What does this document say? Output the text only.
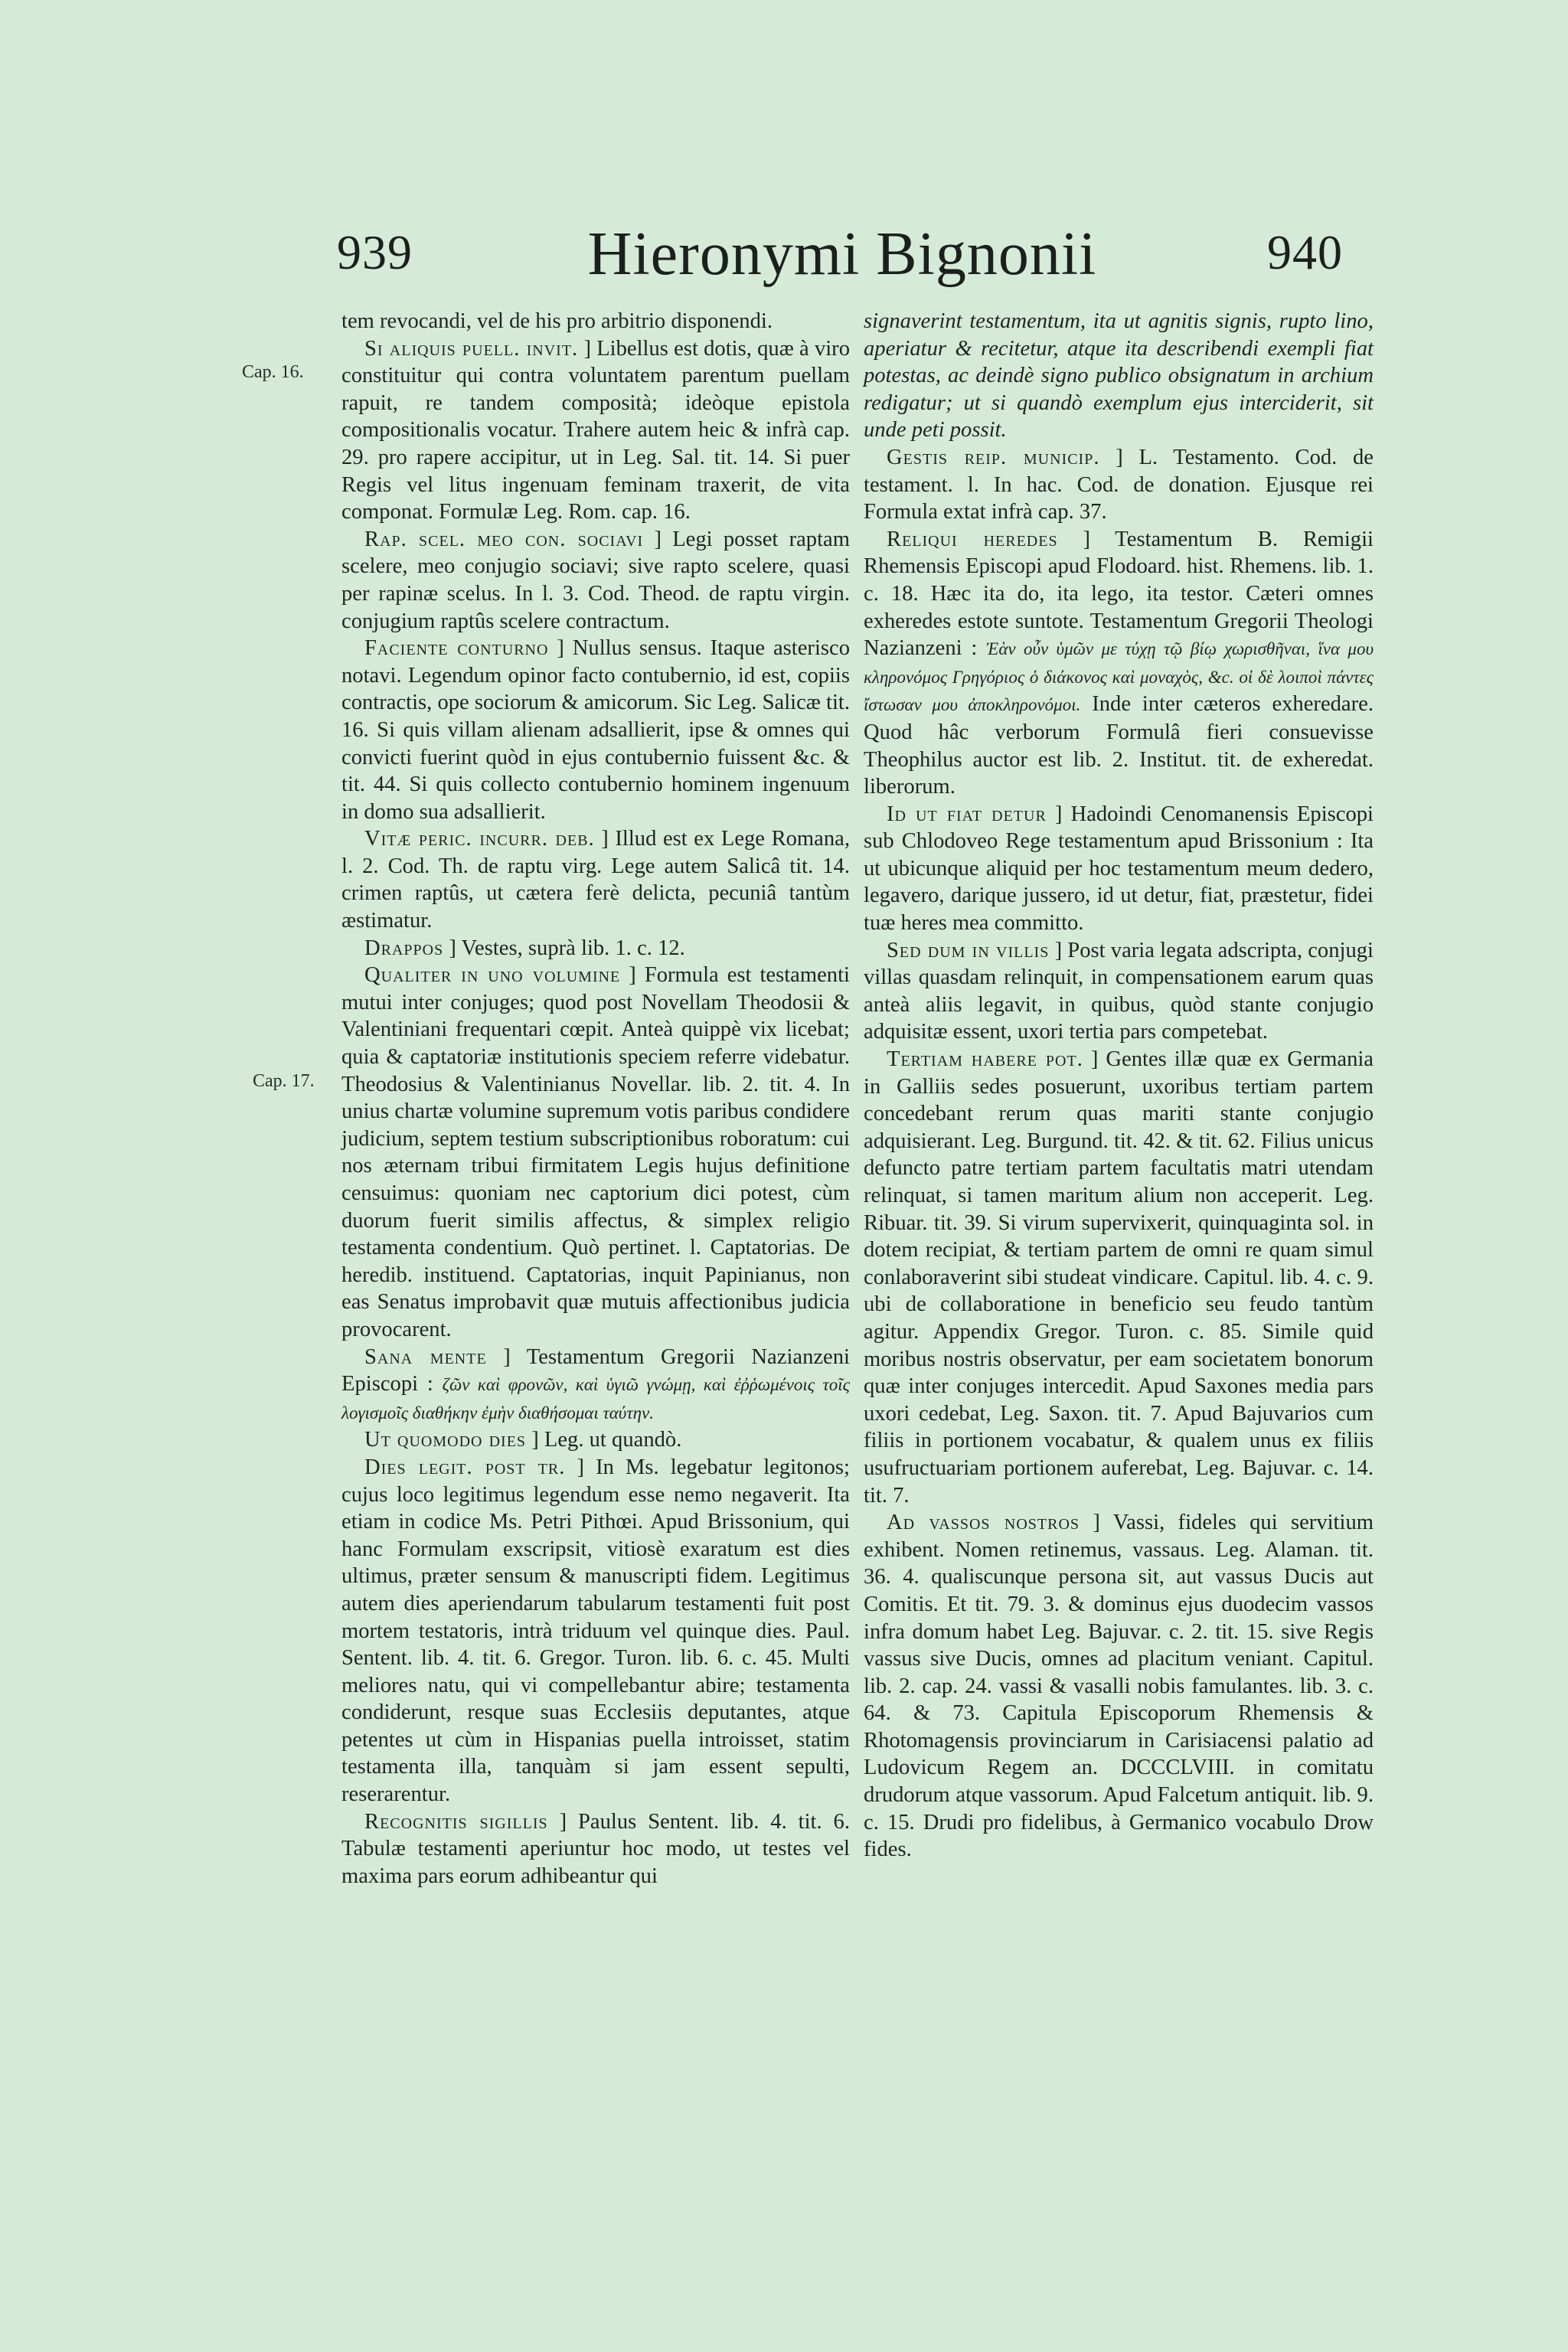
939	Hieronymi Bignonii	940
Cap. 16.
Cap. 17.

tem revocandi, vel de his pro arbitrio disponendi.

Si aliquis puell. invit. ] Libellus est dotis, quæ à viro constituitur qui contra voluntatem parentum puellam rapuit, re tandem composità; ideòque epistola compositionalis vocatur. Trahere autem heic & infrà cap. 29. pro rapere accipitur, ut in Leg. Sal. tit. 14. Si puer Regis vel litus ingenuam feminam traxerit, de vita componat. Formulæ Leg. Rom. cap. 16.

Rap. scel. meo con. sociavi ] Legi posset raptam scelere, meo conjugio sociavi; sive rapto scelere, quasi per rapinæ scelus. In l. 3. Cod. Theod. de raptu virgin. conjugium raptûs scelere contractum.

Faciente conturno ] Nullus sensus. Itaque asterisco notavi. Legendum opinor facto contubernio, id est, copiis contractis, ope sociorum & amicorum. Sic Leg. Salicæ tit. 16. Si quis villam alienam adsallierit, ipse & omnes qui convicti fuerint quòd in ejus contubernio fuissent &c. & tit. 44. Si quis collecto contubernio hominem ingenuum in domo sua adsallierit.

Vitæ peric. incurr. deb. ] Illud est ex Lege Romana, l. 2. Cod. Th. de raptu virg. Lege autem Salicâ tit. 14. crimen raptûs, ut cætera ferè delicta, pecuniâ tantùm æstimatur.

Drappos ] Vestes, suprà lib. 1. c. 12.

Qualiter in uno volumine ] Formula est testamenti mutui inter conjuges; quod post Novellam Theodosii & Valentiniani frequentari cœpit. Anteà quippè vix licebat; quia & captatoriæ institutionis speciem referre videbatur. Theodosius & Valentinianus Novellar. lib. 2. tit. 4. In unius chartæ volumine supremum votis paribus condidere judicium, septem testium subscriptionibus roboratum: cui nos æternam tribui firmitatem Legis hujus definitione censuimus: quoniam nec captorium dici potest, cùm duorum fuerit similis affectus, & simplex religio testamenta condentium. Quò pertinet. l. Captatorias. De heredib. instituend. Captatorias, inquit Papinianus, non eas Senatus improbavit quæ mutuis affectionibus judicia provocarent.

Sana mente ] Testamentum Gregorii Nazianzeni Episcopi : ζῶν καὶ φρονῶν, καὶ ὑγιῶ γνώμῃ, καὶ ἐῤῥωμένοις τοῖς λογισμοῖς διαθήκην ἐμὴν διαθήσομαι ταύτην.

Ut quomodo dies ] Leg. ut quandò.

Dies legit. post tr. ] In Ms. legebatur legitonos; cujus loco legitimus legendum esse nemo negaverit. Ita etiam in codice Ms. Petri Pithœi. Apud Brissonium, qui hanc Formulam exscripsit, vitiosè exaratum est dies ultimus, præter sensum & manuscripti fidem. Legitimus autem dies aperiendarum tabularum testamenti fuit post mortem testatoris, intrà triduum vel quinque dies. Paul. Sentent. lib. 4. tit. 6. Gregor. Turon. lib. 6. c. 45. Multi meliores natu, qui vi compellebantur abire; testamenta condiderunt, resque suas Ecclesiis deputantes, atque petentes ut cùm in Hispanias puella introisset, statim testamenta illa, tanquàm si jam essent sepulti, reserarentur.

Recognitis sigillis ] Paulus Sentent. lib. 4. tit. 6. Tabulæ testamenti aperiuntur hoc modo, ut testes vel maxima pars eorum adhibeantur qui

signaverint testamentum, ita ut agnitis signis, rupto lino, aperiatur & recitetur, atque ita describendi exempli fiat potestas, ac deindè signo publico obsignatum in archium redigatur; ut si quandò exemplum ejus interciderit, sit unde peti possit.

Gestis reip. municip. ] L. Testamento. Cod. de testament. l. In hac. Cod. de donation. Ejusque rei Formula extat infrà cap. 37.

Reliqui heredes ] Testamentum B. Remigii Rhemensis Episcopi apud Flodoard. hist. Rhemens. lib. 1. c. 18. Hæc ita do, ita lego, ita testor. Cæteri omnes exheredes estote suntote. Testamentum Gregorii Theologi Nazianzeni : Ἐὰν οὖν ὑμῶν με τύχῃ τῷ βίῳ χωρισθῆναι, ἵνα μου κληρονόμος Γρηγόριος ὁ διάκονος καὶ μοναχὸς, &c. οἱ δὲ λοιποὶ πάντες ἴστωσαν μου ἀποκληρονόμοι. Inde inter cæteros exheredare. Quod hâc verborum Formulâ fieri consuevisse Theophilus auctor est lib. 2. Institut. tit. de exheredat. liberorum.

Id ut fiat detur ] Hadoindi Cenomanensis Episcopi sub Chlodoveo Rege testamentum apud Brissonium : Ita ut ubicunque aliquid per hoc testamentum meum dedero, legavero, darique jussero, id ut detur, fiat, præstetur, fidei tuæ heres mea committo.

Sed dum in villis ] Post varia legata adscripta, conjugi villas quasdam relinquit, in compensationem earum quas anteà aliis legavit, in quibus, quòd stante conjugio adquisitæ essent, uxori tertia pars competebat.

Tertiam habere pot. ] Gentes illæ quæ ex Germania in Galliis sedes posuerunt, uxoribus tertiam partem concedebant rerum quas mariti stante conjugio adquisierant. Leg. Burgund. tit. 42. & tit. 62. Filius unicus defuncto patre tertiam partem facultatis matri utendam relinquat, si tamen maritum alium non acceperit. Leg. Ribuar. tit. 39. Si virum supervixerit, quinquaginta sol. in dotem recipiat, & tertiam partem de omni re quam simul conlaboraverint sibi studeat vindicare. Capitul. lib. 4. c. 9. ubi de collaboratione in beneficio seu feudo tantùm agitur. Appendix Gregor. Turon. c. 85. Simile quid moribus nostris observatur, per eam societatem bonorum quæ inter conjuges intercedit. Apud Saxones media pars uxori cedebat, Leg. Saxon. tit. 7. Apud Bajuvarios cum filiis in portionem vocabatur, & qualem unus ex filiis usufructuariam portionem auferebat, Leg. Bajuvar. c. 14. tit. 7.

Ad vassos nostros ] Vassi, fideles qui servitium exhibent. Nomen retinemus, vassaus. Leg. Alaman. tit. 36. 4. qualiscunque persona sit, aut vassus Ducis aut Comitis. Et tit. 79. 3. & dominus ejus duodecim vassos infra domum habet Leg. Bajuvar. c. 2. tit. 15. sive Regis vassus sive Ducis, omnes ad placitum veniant. Capitul. lib. 2. cap. 24. vassi & vasalli nobis famulantes. lib. 3. c. 64. & 73. Capitula Episcoporum Rhemensis & Rhotomagensis provinciarum in Carisiacensi palatio ad Ludovicum Regem an. DCCCLVIII. in comitatu drudorum atque vassorum. Apud Falcetum antiquit. lib. 9. c. 15. Drudi pro fidelibus, à Germanico vocabulo Drow fides.
